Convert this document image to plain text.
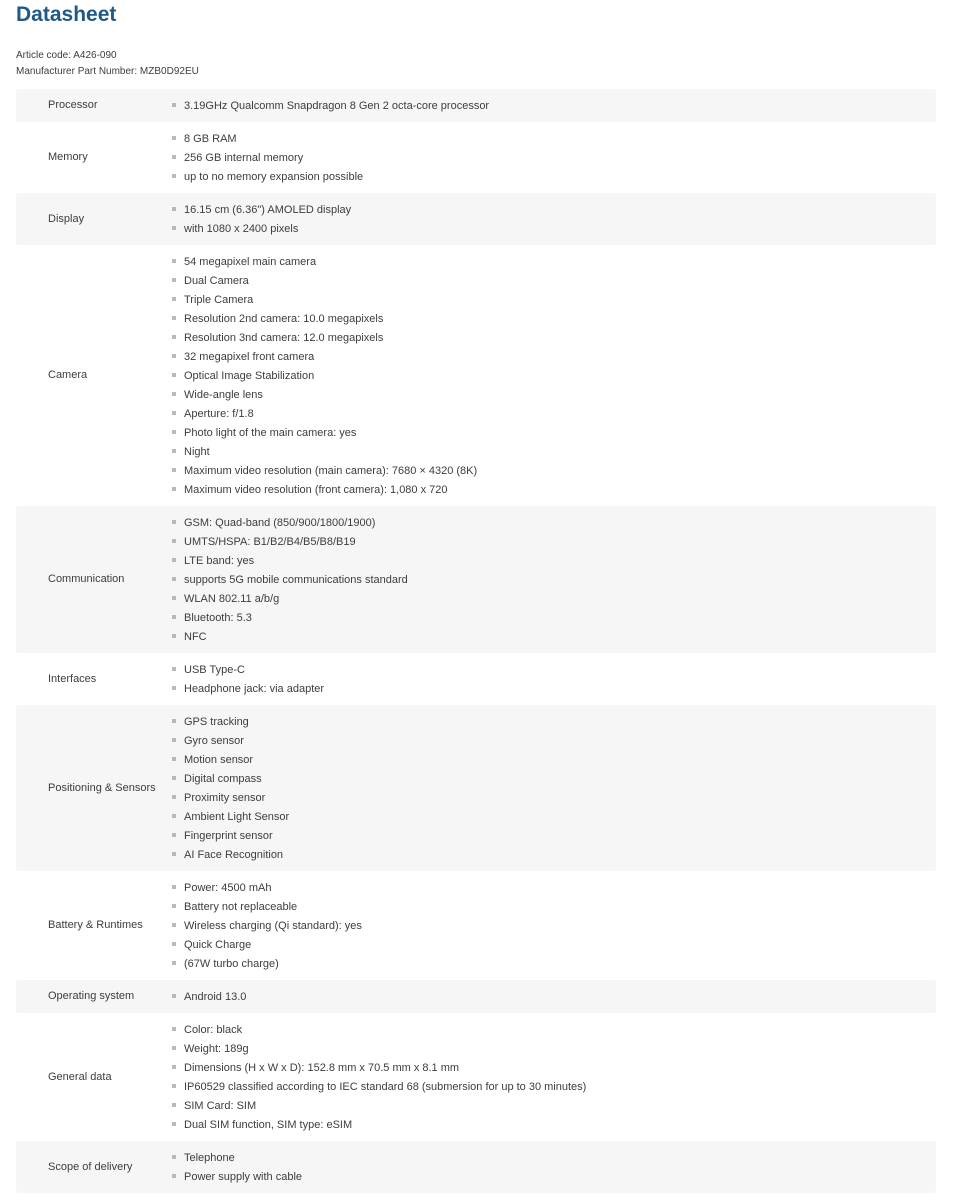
Datasheet
Article code: A426-090
Manufacturer Part Number: MZB0D92EU
Processor	3.19GHz Qualcomm Snapdragon 8 Gen 2 octa-core processor
Memory
8 GB RAM
256 GB internal memory
up to no memory expansion possible
Display
16.15 cm (6.36") AMOLED display
with 1080 x 2400 pixels
Camera
54 megapixel main camera
Dual Camera
Triple Camera
Resolution 2nd camera: 10.0 megapixels
Resolution 3nd camera: 12.0 megapixels
32 megapixel front camera
Optical Image Stabilization
Wide-angle lens
Aperture: f/1.8
Photo light of the main camera: yes
Night
Maximum video resolution (main camera): 7680 × 4320 (8K)
Maximum video resolution (front camera): 1,080 x 720
Communication
GSM: Quad-band (850/900/1800/1900)
UMTS/HSPA: B1/B2/B4/B5/B8/B19
LTE band: yes
supports 5G mobile communications standard
WLAN 802.11 a/b/g
Bluetooth: 5.3
NFC
Interfaces
USB Type-C
Headphone jack: via adapter
Positioning & Sensors
GPS tracking
Gyro sensor
Motion sensor
Digital compass
Proximity sensor
Ambient Light Sensor
Fingerprint sensor
AI Face Recognition
Battery & Runtimes
Power: 4500 mAh
Battery not replaceable
Wireless charging (Qi standard): yes
Quick Charge
(67W turbo charge)
Operating system	Android 13.0
General data
Color: black
Weight: 189g
Dimensions (H x W x D): 152.8 mm x 70.5 mm x 8.1 mm
IP60529 classified according to IEC standard 68 (submersion for up to 30 minutes)
SIM Card: SIM
Dual SIM function, SIM type: eSIM
Scope of delivery
Telephone
Power supply with cable
